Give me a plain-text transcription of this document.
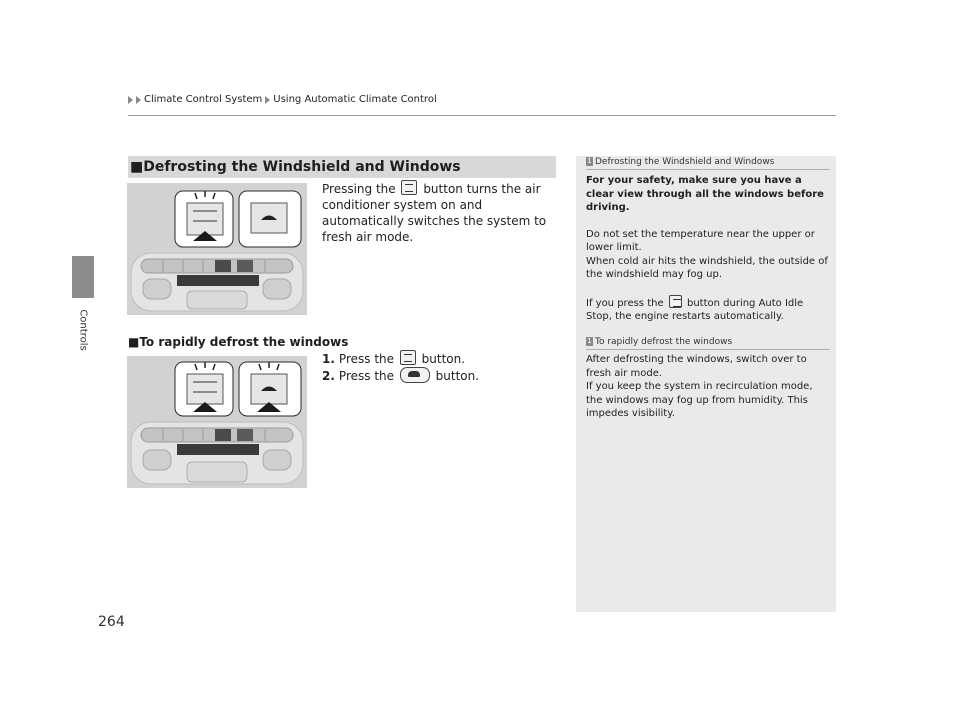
Climate Control System Using Automatic Climate Control
Controls
264
■Defrosting the Windshield and Windows
Pressing the button turns the air conditioner system on and automatically switches the system to fresh air mode.
■To rapidly defrost the windows
1. Press the button.
2. Press the	button.
1 Defrosting the Windshield and Windows

For your safety, make sure you have a clear view through all the windows before driving.

Do not set the temperature near the upper or lower limit.

When cold air hits the windshield, the outside of the windshield may fog up.

If you press the button during Auto Idle Stop, the engine restarts automatically.

1 To rapidly defrost the windows

After defrosting the windows, switch over to fresh air mode.

If you keep the system in recirculation mode, the windows may fog up from humidity. This impedes visibility.
